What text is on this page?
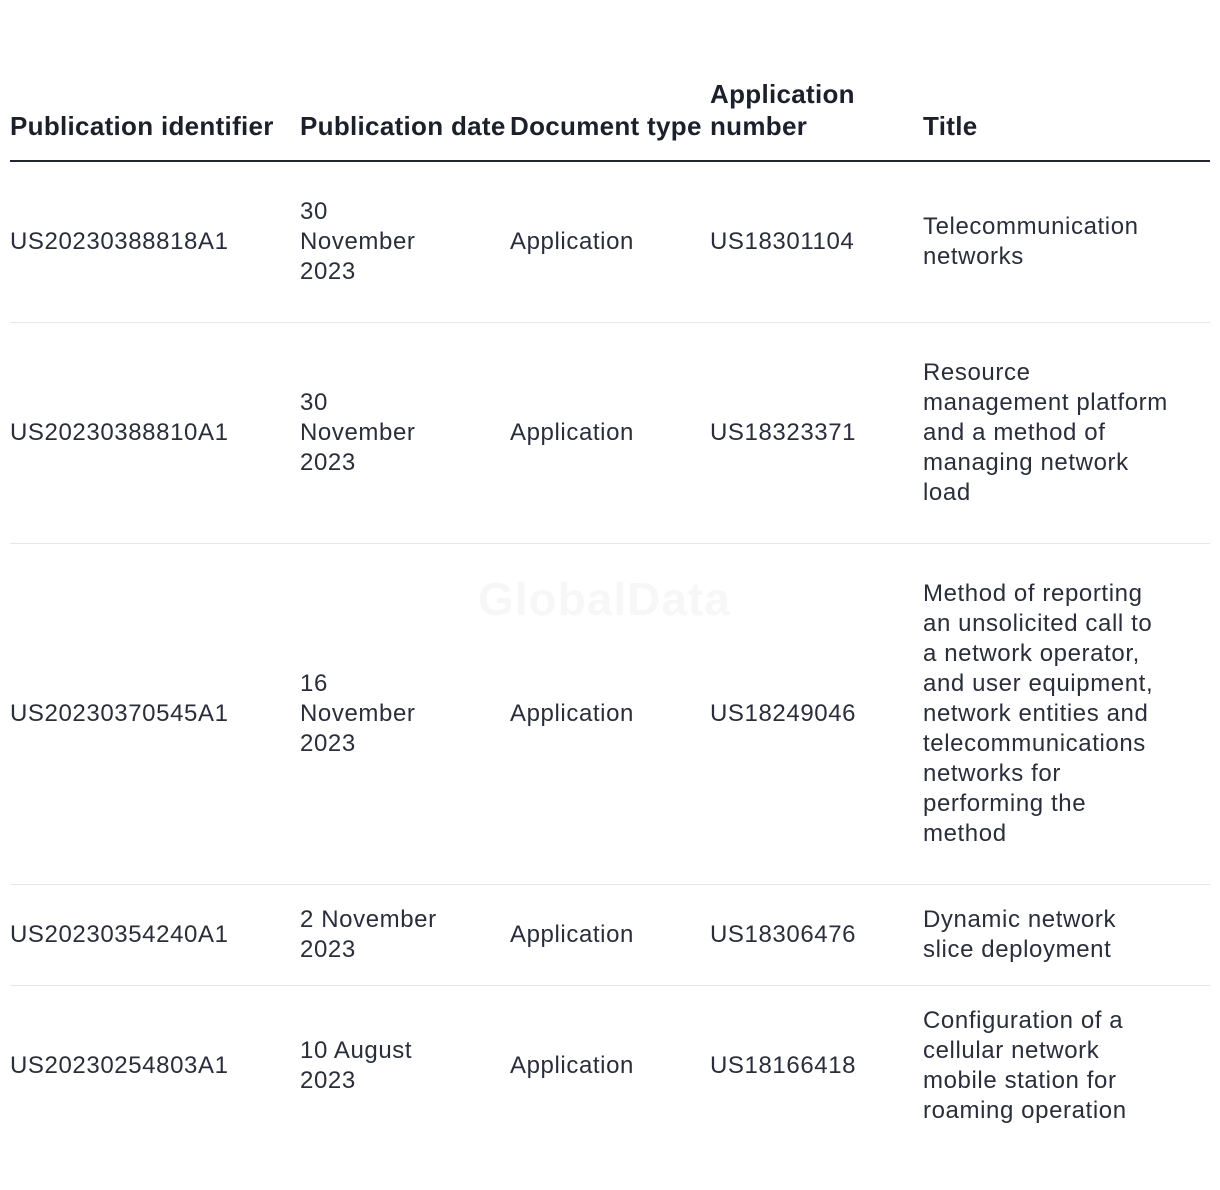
GlobalData
Publication identifier	Publication date	Document type	Application number	Title

US20230388818A1	30 November 2023	Application	US18301104	Telecommunication networks

US20230388810A1	30 November 2023	Application	US18323371	Resource management platform and a method of managing network load

US20230370545A1	16 November 2023	Application	US18249046	Method of reporting an unsolicited call to a network operator, and user equipment, network entities and telecommunications networks for performing the method

US20230354240A1	2 November 2023	Application	US18306476	Dynamic network slice deployment

US20230254803A1	10 August 2023	Application	US18166418	Configuration of a cellular network mobile station for roaming operation
